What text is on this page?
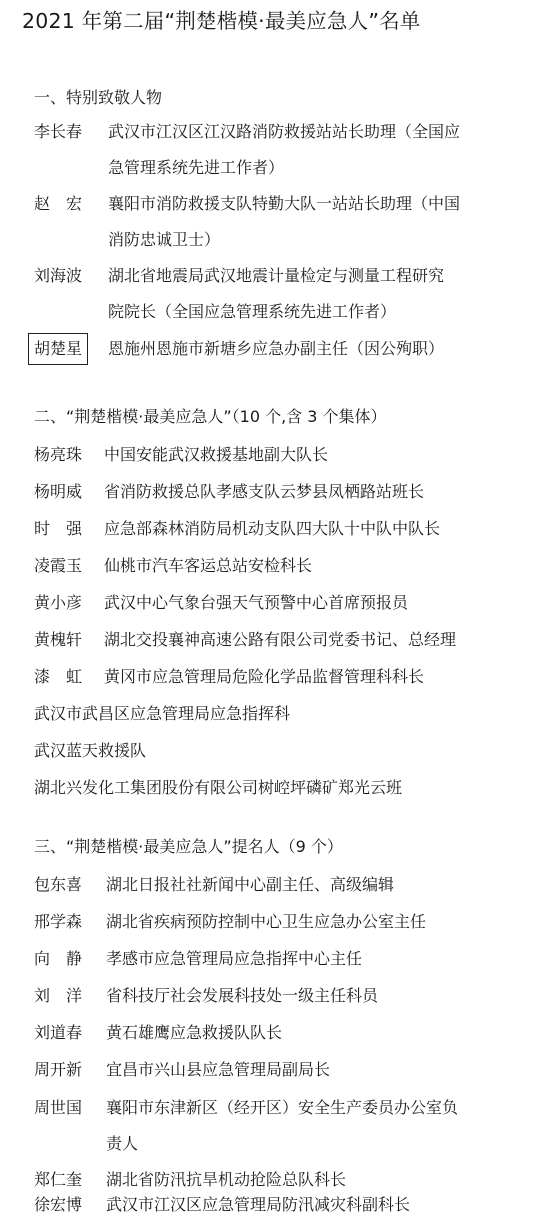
2021 年第二届“荆楚楷模·最美应急人”名单
一、特别致敬人物
李长春 武汉市江汉区江汉路消防救援站站长助理（全国应
急管理系统先进工作者）
赵　宏 襄阳市消防救援支队特勤大队一站站长助理（中国
消防忠诚卫士）
刘海波 湖北省地震局武汉地震计量检定与测量工程研究
院院长（全国应急管理系统先进工作者）
胡楚星	恩施州恩施市新塘乡应急办副主任（因公殉职）
二、“荆楚楷模·最美应急人”（10 个,含 3 个集体）
杨亮珠 中国安能武汉救援基地副大队长
杨明威 省消防救援总队孝感支队云梦县凤栖路站班长
时　强 应急部森林消防局机动支队四大队十中队中队长
凌霞玉 仙桃市汽车客运总站安检科长
黄小彦 武汉中心气象台强天气预警中心首席预报员
黄槐轩 湖北交投襄神高速公路有限公司党委书记、总经理
漆　虹 黄冈市应急管理局危险化学品监督管理科科长
武汉市武昌区应急管理局应急指挥科
武汉蓝天救援队
湖北兴发化工集团股份有限公司树崆坪磷矿郑光云班
三、“荆楚楷模·最美应急人”提名人（9 个）
包东喜 湖北日报社社新闻中心副主任、高级编辑
邢学森 湖北省疾病预防控制中心卫生应急办公室主任
向　静 孝感市应急管理局应急指挥中心主任
刘　洋 省科技厅社会发展科技处一级主任科员
刘道春 黄石雄鹰应急救援队队长
周开新 宜昌市兴山县应急管理局副局长
周世国 襄阳市东津新区（经开区）安全生产委员办公室负
责人
郑仁奎 湖北省防汛抗旱机动抢险总队科长
徐宏博 武汉市江汉区应急管理局防汛减灾科副科长
